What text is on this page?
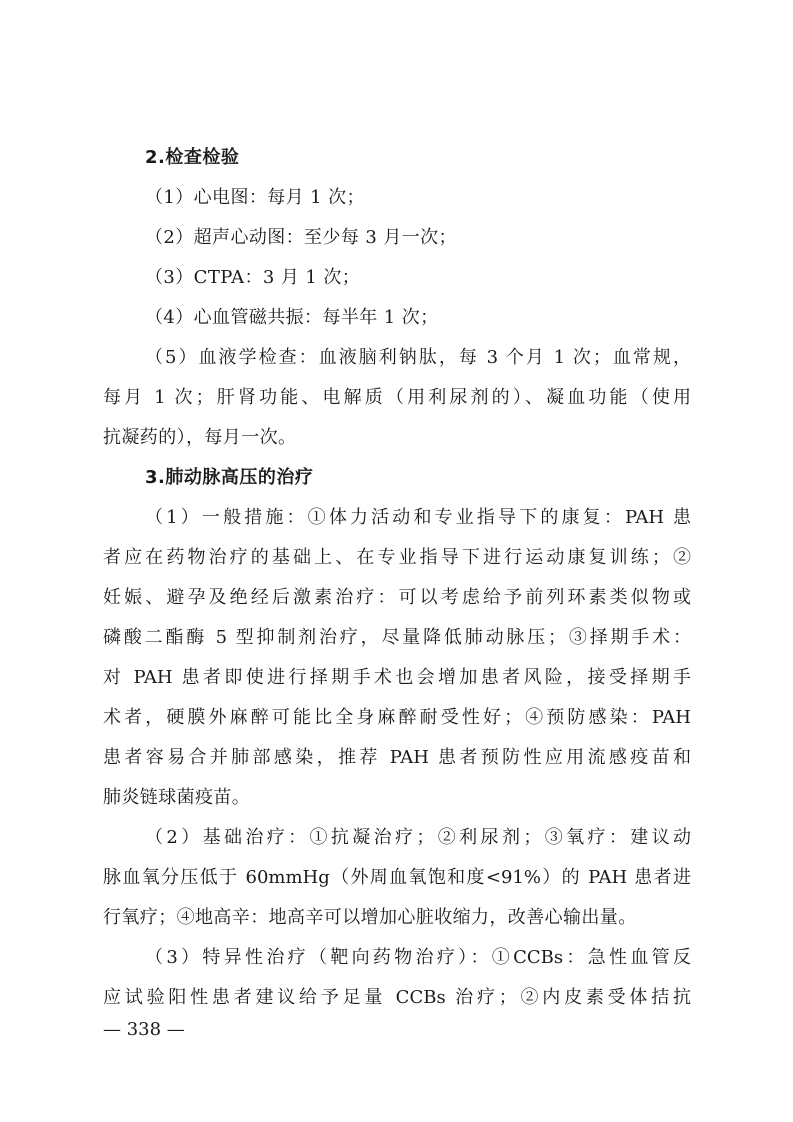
2.检查检验

（1）心电图：每月 1 次；

（2）超声心动图：至少每 3 月一次；

（3）CTPA：3 月 1 次；

（4）心血管磁共振：每半年 1 次；

（5）血液学检查：血液脑利钠肽，每 3 个月 1 次；血常规，
每月 1 次；肝肾功能、电解质（用利尿剂的）、凝血功能（使用
抗凝药的），每月一次。

3.肺动脉高压的治疗

（1）一般措施：①体力活动和专业指导下的康复：PAH 患
者应在药物治疗的基础上、在专业指导下进行运动康复训练；②
妊娠、避孕及绝经后激素治疗：可以考虑给予前列环素类似物或
磷酸二酯酶 5 型抑制剂治疗，尽量降低肺动脉压；③择期手术：
对 PAH 患者即使进行择期手术也会增加患者风险，接受择期手
术者，硬膜外麻醉可能比全身麻醉耐受性好；④预防感染：PAH
患者容易合并肺部感染，推荐 PAH 患者预防性应用流感疫苗和
肺炎链球菌疫苗。

（2）基础治疗：①抗凝治疗；②利尿剂；③氧疗：建议动
脉血氧分压低于 60mmHg（外周血氧饱和度<91%）的 PAH 患者进
行氧疗；④地高辛：地高辛可以增加心脏收缩力，改善心输出量。

（3）特异性治疗（靶向药物治疗）：①CCBs：急性血管反
应试验阳性患者建议给予足量 CCBs 治疗；②内皮素受体拮抗

— 338 —
